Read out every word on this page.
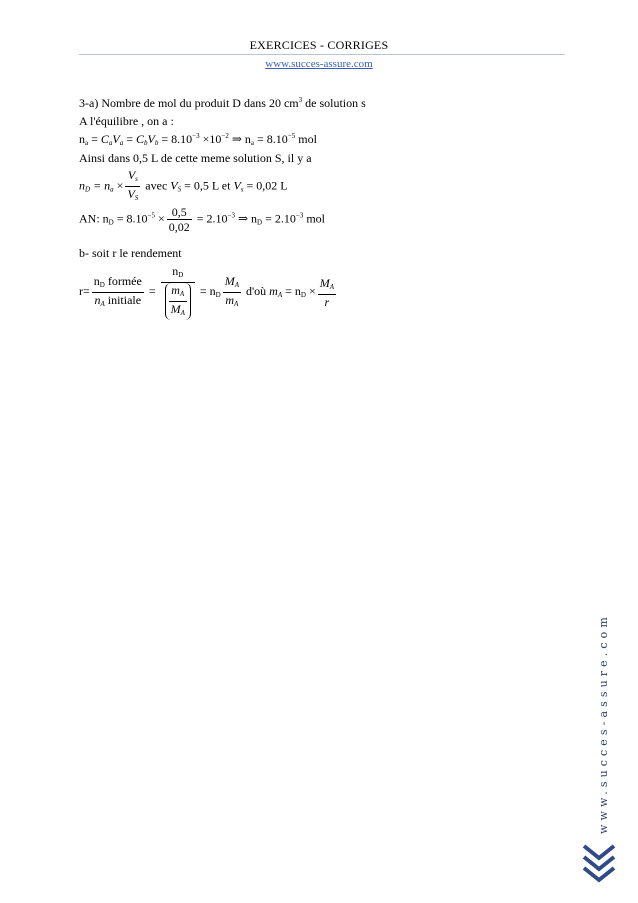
EXERCICES - CORRIGES
www.succes-assure.com
3-a) Nombre de mol du produit D dans 20 $cm^3$ de solution s
A l'équilibre , on a :
$n_a = C_aV_a = C_bV_b = 8.10^{-3} \times 10^{-2}$ ⇒ $n_a = 8.10^{-5}$ mol
Ainsi dans 0,5 L de cette meme solution S, il y a
$n_D = n_a \times \frac{V_s}{V_S}$ avec $V_S = 0,5$ L et $V_s = 0,02$ L
AN: $n_D = 8.10^{-5} \times \frac{0,5}{0,02} = 2.10^{-3}$ ⇒ $n_D = 2.10^{-3}$ mol
b- soit r le rendement
$r= \frac{n_D formée}{n_A initiale} = \frac{n_D}{\frac{m_A}{M_A}} = n_D \frac{M_A}{m_A}$ d'où $m_A = n_D \times \frac{M_A}{r}$
www.succes-assure.com
